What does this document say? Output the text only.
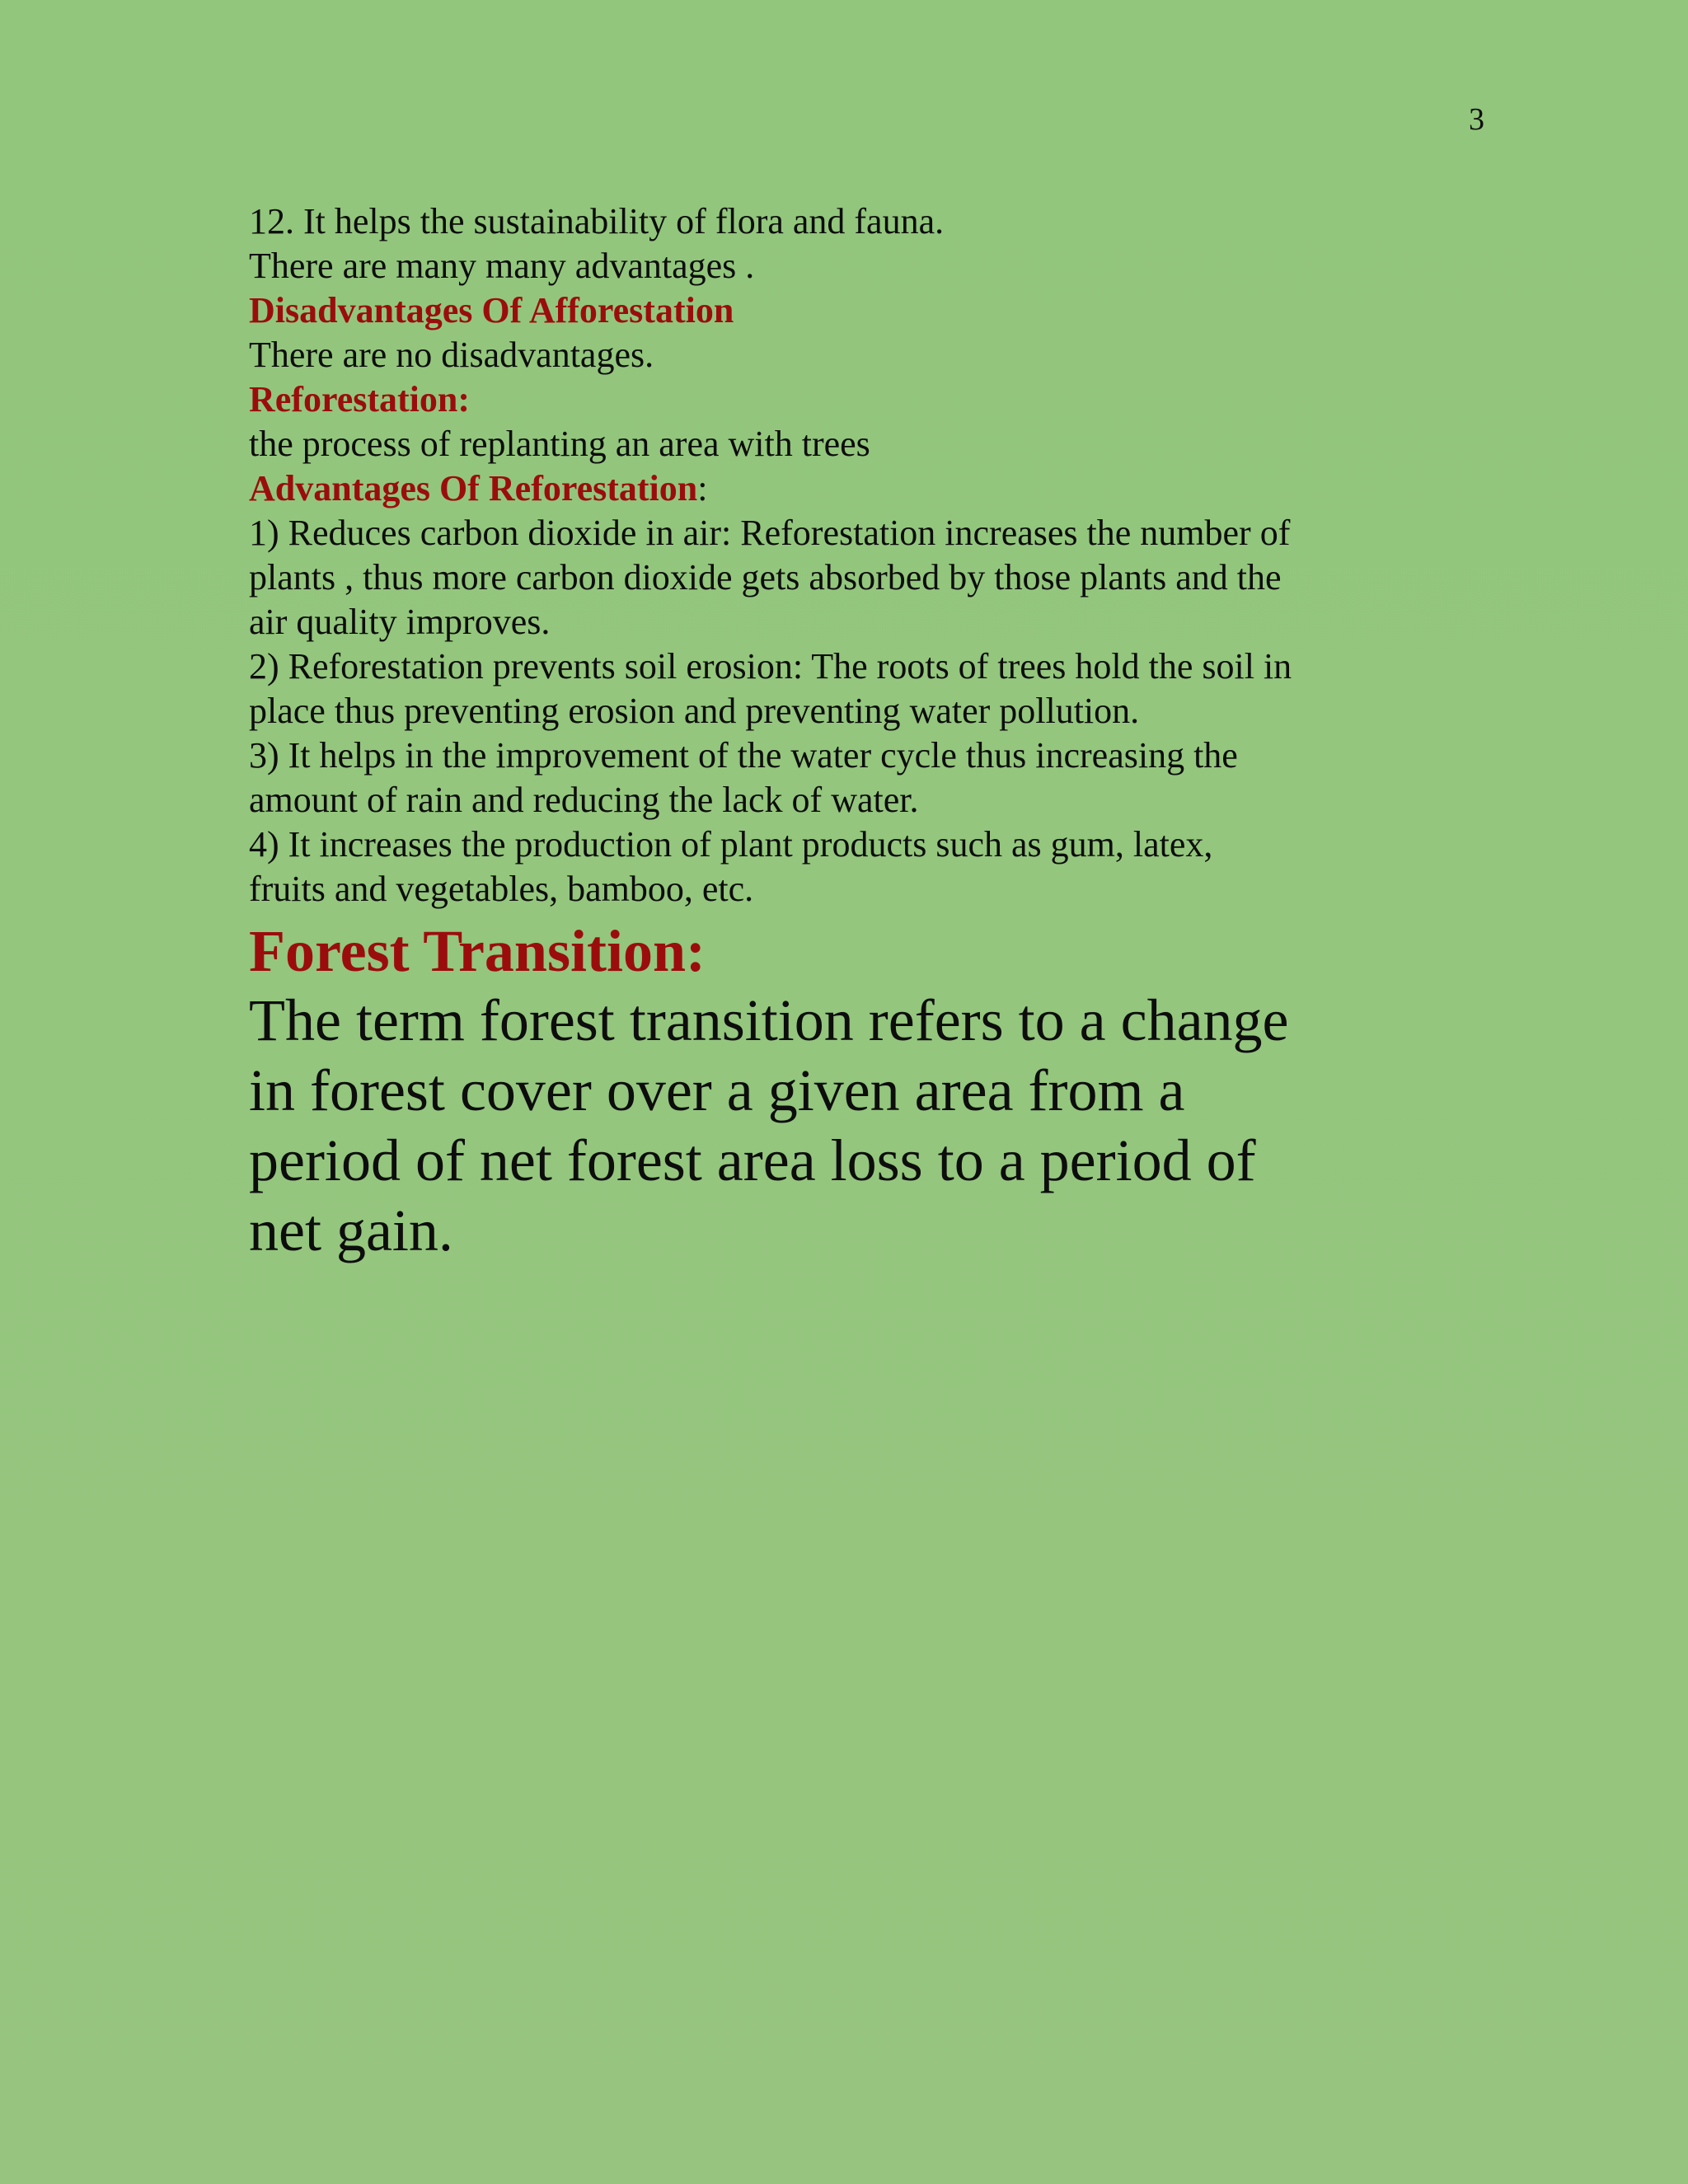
3
12. It helps the sustainability of flora and fauna.
There are many many advantages .
Disadvantages Of Afforestation
There are no disadvantages.
Reforestation:
the process of replanting an area with trees
Advantages Of Reforestation:
1) Reduces carbon dioxide in air: Reforestation increases the number of
plants , thus more carbon dioxide gets absorbed by those plants and the
air quality improves.
2) Reforestation prevents soil erosion: The roots of trees hold the soil in
place thus preventing erosion and preventing water pollution.
3) It helps in the improvement of the water cycle thus increasing the
amount of rain and reducing the lack of water.
4) It increases the production of plant products such as gum, latex,
fruits and vegetables, bamboo, etc.
Forest Transition:
The term forest transition refers to a change
in forest cover over a given area from a
period of net forest area loss to a period of
net gain.
